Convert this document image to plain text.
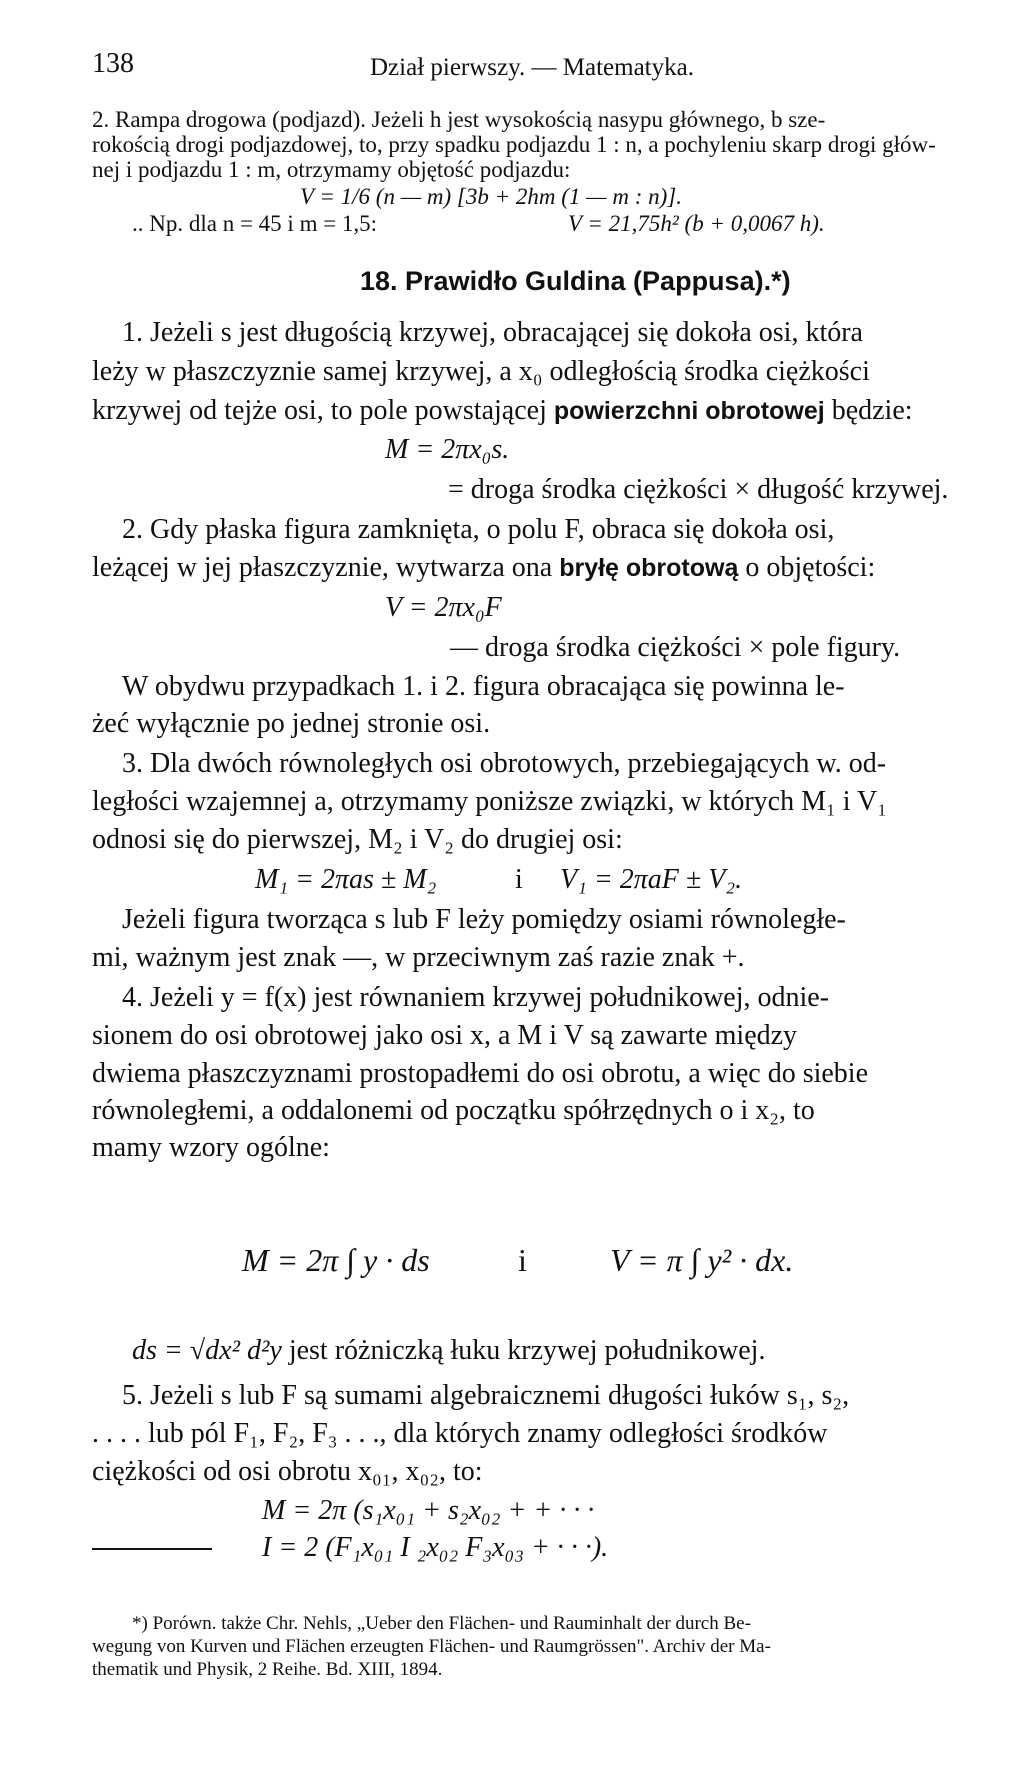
138	Dział pierwszy. — Matematyka.
2. Rampa drogowa (podjazd). Jeżeli h jest wysokością nasypu głównego, b sze-
rokością drogi podjazdowej, to, przy spadku podjazdu 1 : n, a pochyleniu skarp drogi głów-
nej i podjazdu 1 : m, otrzymamy objętość podjazdu:
V = 1/6 (n — m) [3b + 2hm (1 — m : n)].
.. Np. dla n = 45 i m = 1,5:	V = 21,75h² (b + 0,0067 h).
18. Prawidło Guldina (Pappusa).*)
1. Jeżeli s jest długością krzywej, obracającej się dokoła osi, która
leży w płaszczyznie samej krzywej, a x₀ odległością środka ciężkości
krzywej od tejże osi, to pole powstającej powierzchni obrotowej będzie:
M = 2πx₀s.
= droga środka ciężkości × długość krzywej.
2. Gdy płaska figura zamknięta, o polu F, obraca się dokoła osi,
leżącej w jej płaszczyznie, wytwarza ona bryłę obrotową o objętości:
V = 2πx₀F
— droga środka ciężkości × pole figury.
W obydwu przypadkach 1. i 2. figura obracająca się powinna le-
żeć wyłącznie po jednej stronie osi.
3. Dla dwóch równoległych osi obrotowych, przebiegających w. od-
ległości wzajemnej a, otrzymamy poniższe związki, w których M₁ i V₁
odnosi się do pierwszej, M₂ i V₂ do drugiej osi:
M₁ = 2πas ± M₂	i V₁ = 2πaF ± V₂.
Jeżeli figura tworząca s lub F leży pomiędzy osiami równoległe-
mi, ważnym jest znak —, w przeciwnym zaś razie znak +.
4. Jeżeli y = f(x) jest równaniem krzywej południkowej, odnie-
sionem do osi obrotowej jako osi x, a M i V są zawarte między
dwiema płaszczyznami prostopadłemi do osi obrotu, a więc do siebie
równoległemi, a oddalonemi od początku spółrzędnych o i x₂, to
mamy wzory ogólne:
M = 2π ∫ y · ds	i	V = π ∫ y² · dx.
ds = √dx² d²y jest różniczką łuku krzywej południkowej.
5. Jeżeli s lub F są sumami algebraicznemi długości łuków s₁, s₂,
. . . . lub pól F₁, F₂, F₃ . . ., dla których znamy odległości środków
ciężkości od osi obrotu x₀₁, x₀₂, to:
M = 2π (s₁x₀₁ + s₂x₀₂ + + · · ·
I = 2 (F₁x₀₁ I ₂x₀₂ F₃x₀₃ + · · ·).
*) Porówn. także Chr. Nehls, „Ueber den Flächen- und Rauminhalt der durch Be-
wegung von Kurven und Flächen erzeugten Flächen- und Raumgrössen". Archiv der Ma-
thematik und Physik, 2 Reihe. Bd. XIII, 1894.
